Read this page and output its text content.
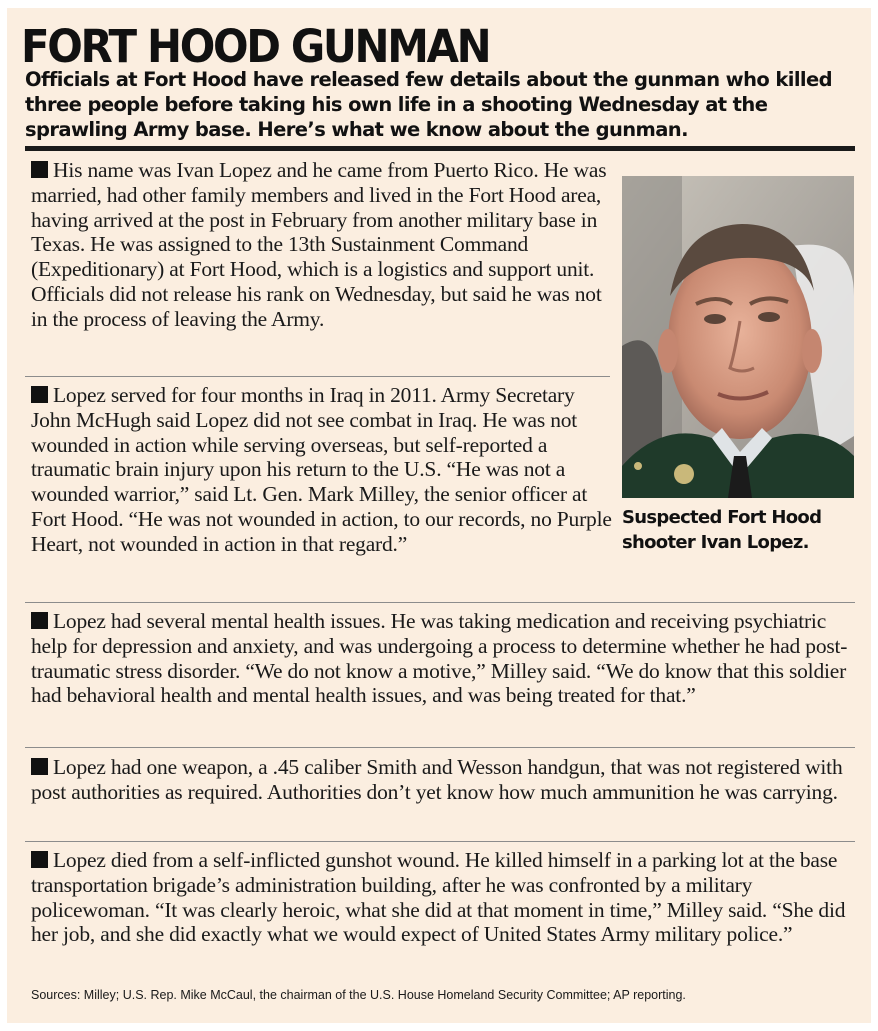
FORT HOOD GUNMAN
Officials at Fort Hood have released few details about the gunman who killed three people before taking his own life in a shooting Wednesday at the sprawling Army base. Here’s what we know about the gunman.
His name was Ivan Lopez and he came from Puerto Rico. He was married, had other family members and lived in the Fort Hood area, having arrived at the post in February from another military base in Texas. He was assigned to the 13th Sustainment Command (Expeditionary) at Fort Hood, which is a logistics and support unit. Officials did not release his rank on Wednesday, but said he was not in the process of leaving the Army.
Lopez served for four months in Iraq in 2011. Army Secretary John McHugh said Lopez did not see combat in Iraq. He was not wounded in action while serving overseas, but self-reported a traumatic brain injury upon his return to the U.S. “He was not a wounded warrior,” said Lt. Gen. Mark Milley, the senior officer at Fort Hood. “He was not wounded in action, to our records, no Purple Heart, not wounded in action in that regard.”
Lopez had several mental health issues. He was taking medication and receiving psychiatric help for depression and anxiety, and was undergoing a process to determine whether he had post-traumatic stress disorder. “We do not know a motive,” Milley said. “We do know that this soldier had behavioral health and mental health issues, and was being treated for that.”
Lopez had one weapon, a .45 caliber Smith and Wesson handgun, that was not registered with post authorities as required. Authorities don’t yet know how much ammunition he was carrying.
Lopez died from a self-inflicted gunshot wound. He killed himself in a parking lot at the base transportation brigade’s administration building, after he was confronted by a military policewoman. “It was clearly heroic, what she did at that moment in time,” Milley said. “She did her job, and she did exactly what we would expect of United States Army military police.”
Suspected Fort Hood shooter Ivan Lopez.
Sources: Milley; U.S. Rep. Mike McCaul, the chairman of the U.S. House Homeland Security Committee; AP reporting.
